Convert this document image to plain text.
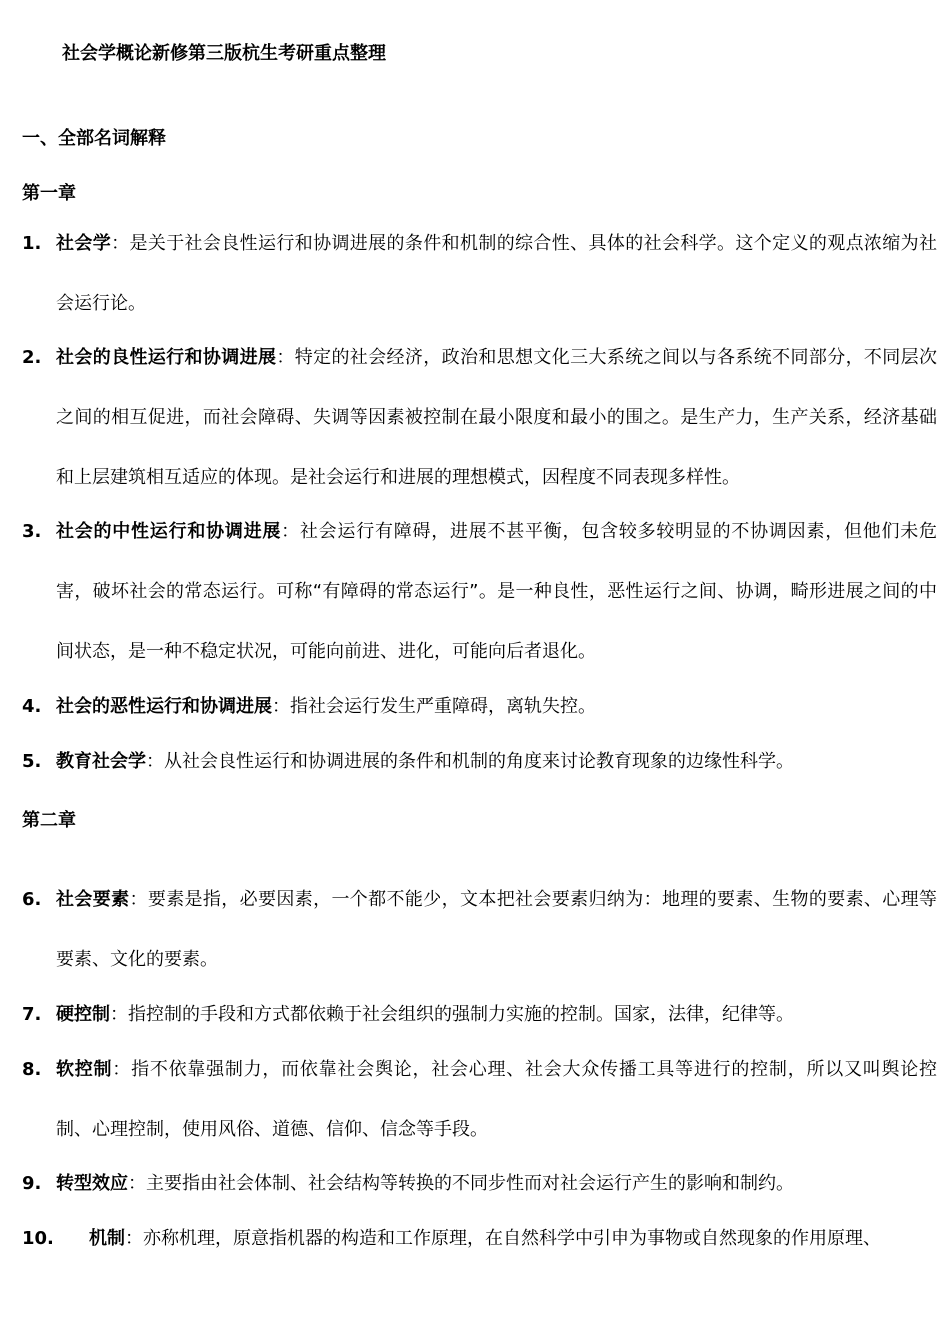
社会学概论新修第三版杭生考研重点整理
一、全部名词解释
第一章
1. 社会学：是关于社会良性运行和协调进展的条件和机制的综合性、具体的社会科学。这个定义的观点浓缩为社会运行论。
2. 社会的良性运行和协调进展：特定的社会经济，政治和思想文化三大系统之间以与各系统不同部分，不同层次之间的相互促进，而社会障碍、失调等因素被控制在最小限度和最小的围之。是生产力，生产关系，经济基础和上层建筑相互适应的体现。是社会运行和进展的理想模式，因程度不同表现多样性。
3. 社会的中性运行和协调进展：社会运行有障碍，进展不甚平衡，包含较多较明显的不协调因素，但他们未危害，破坏社会的常态运行。可称“有障碍的常态运行”。是一种良性，恶性运行之间、协调，畸形进展之间的中间状态，是一种不稳定状况，可能向前进、进化，可能向后者退化。
4. 社会的恶性运行和协调进展：指社会运行发生严重障碍，离轨失控。
5. 教育社会学：从社会良性运行和协调进展的条件和机制的角度来讨论教育现象的边缘性科学。
第二章
6. 社会要素：要素是指，必要因素，一个都不能少，文本把社会要素归纳为：地理的要素、生物的要素、心理等要素、文化的要素。
7. 硬控制：指控制的手段和方式都依赖于社会组织的强制力实施的控制。国家，法律，纪律等。
8. 软控制：指不依靠强制力，而依靠社会舆论，社会心理、社会大众传播工具等进行的控制，所以又叫舆论控制、心理控制，使用风俗、道德、信仰、信念等手段。
9. 转型效应：主要指由社会体制、社会结构等转换的不同步性而对社会运行产生的影响和制约。
10.	机制：亦称机理，原意指机器的构造和工作原理，在自然科学中引申为事物或自然现象的作用原理、
